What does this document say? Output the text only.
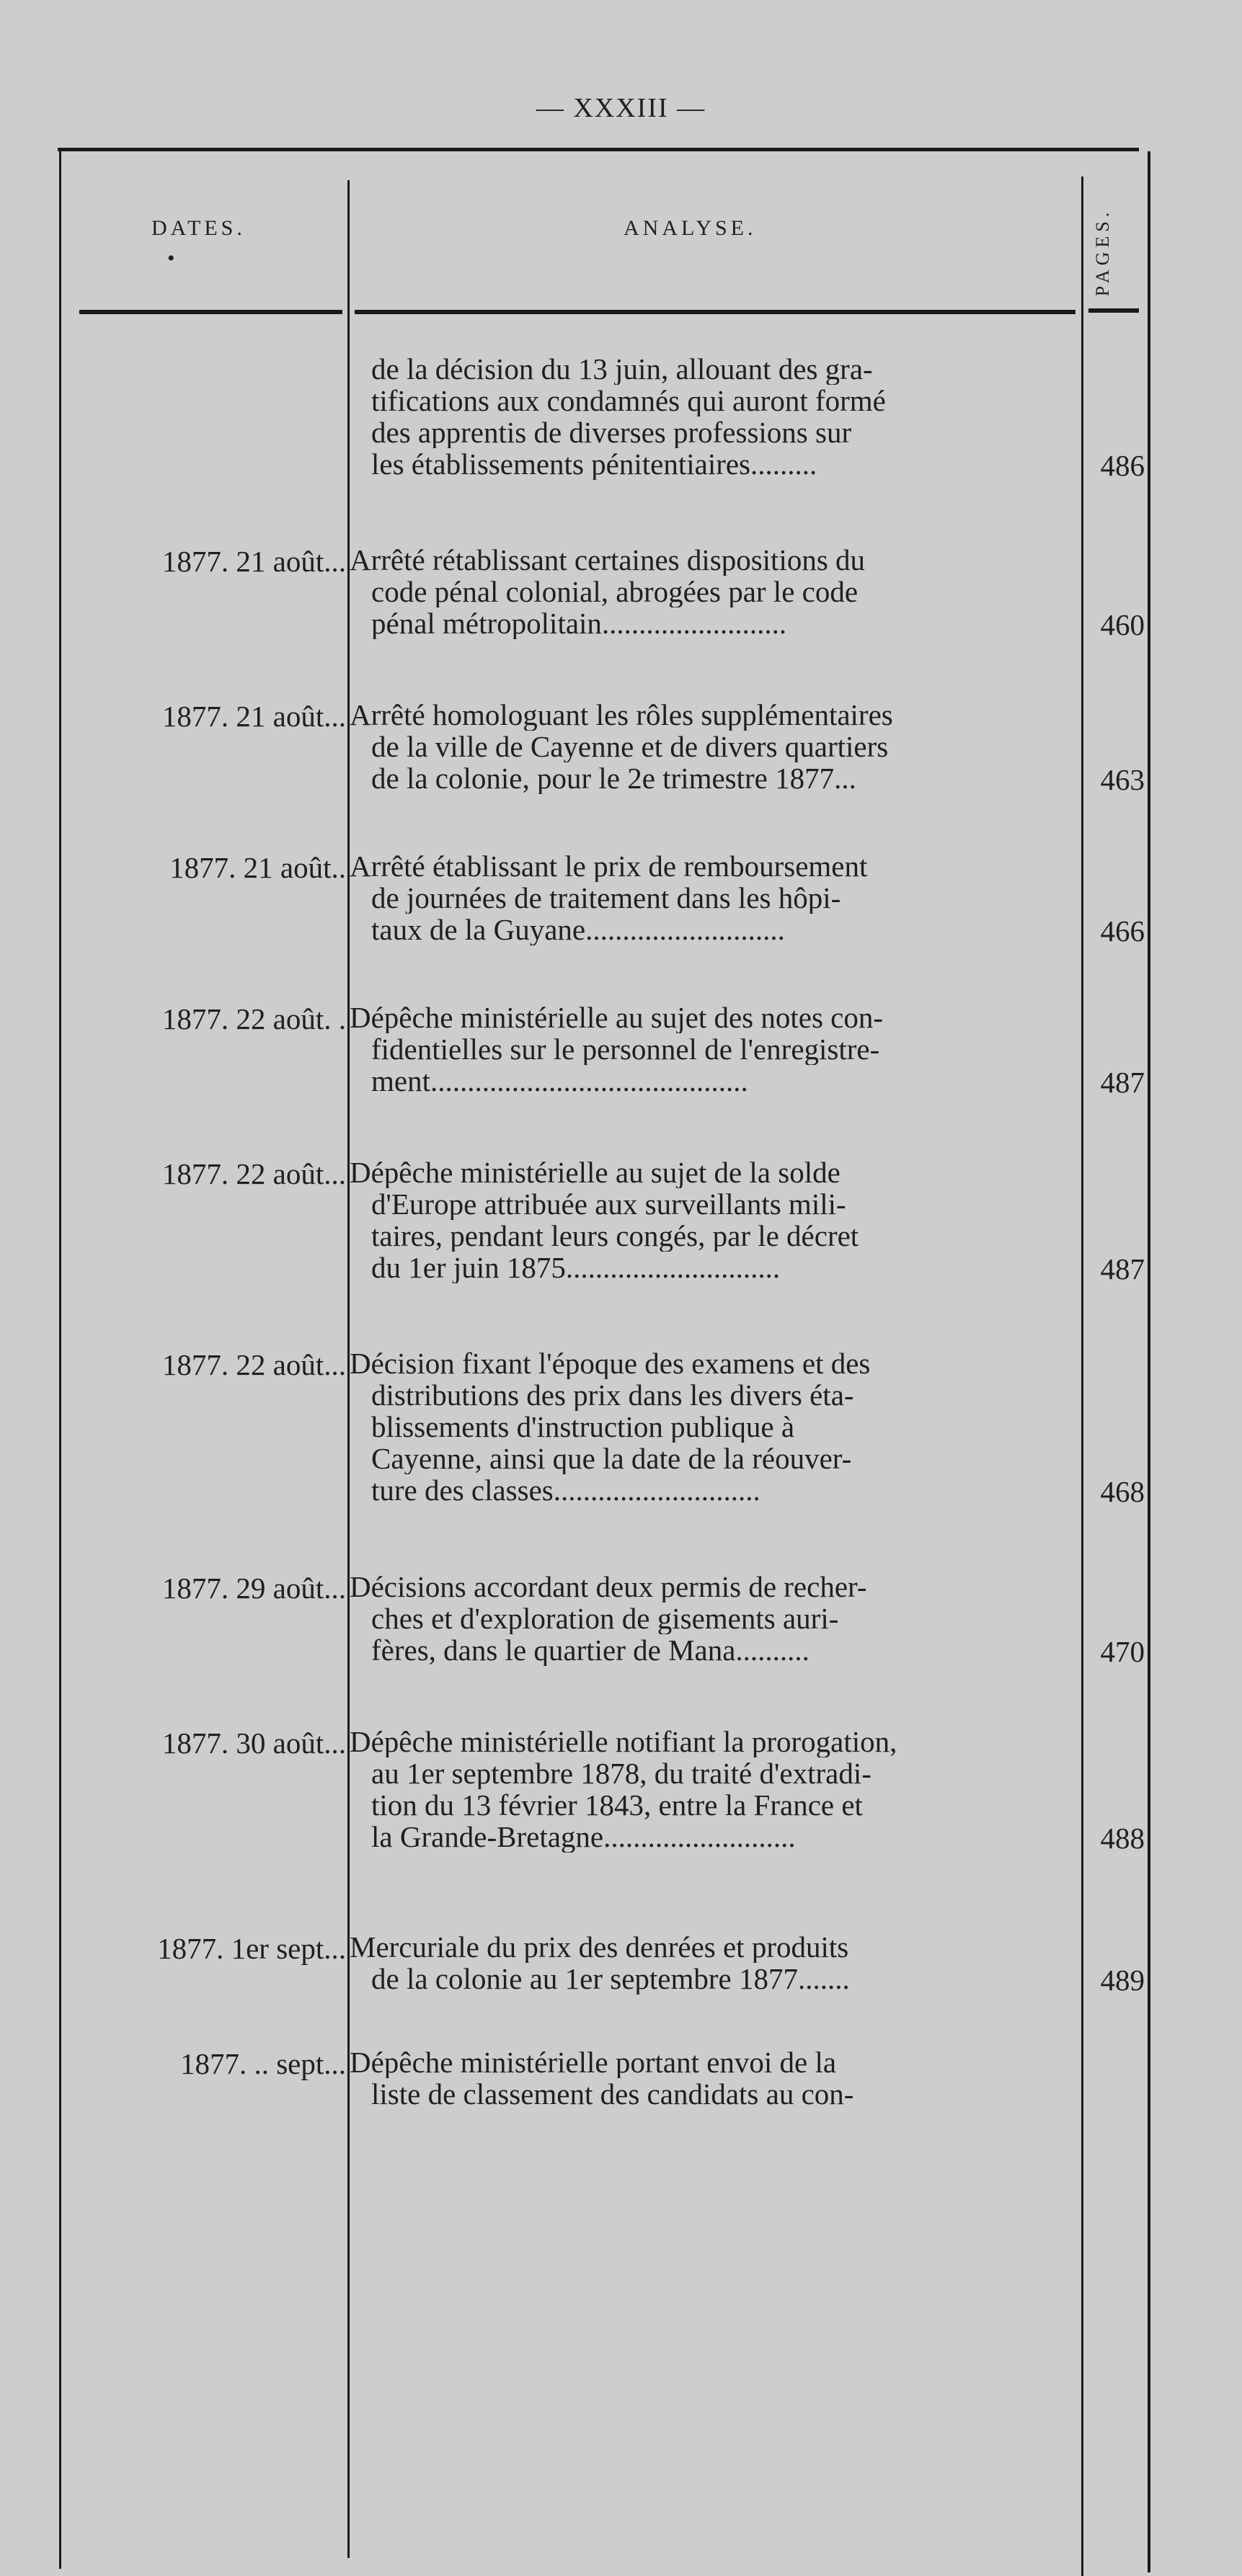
— XXXIII —
DATES.
•
ANALYSE.	PAGES.
de la décision du 13 juin, allouant des gra-
tifications aux condamnés qui auront formé
des apprentis de diverses professions sur
les établissements pénitentiaires.........	486
1877. 21 août... Arrêté rétablissant certaines dispositions du
code pénal colonial, abrogées par le code
pénal métropolitain.........................	460
1877. 21 août... Arrêté homologuant les rôles supplémentaires
de la ville de Cayenne et de divers quartiers
de la colonie, pour le 2e trimestre 1877...	463
1877. 21 août.. Arrêté établissant le prix de remboursement
de journées de traitement dans les hôpi-
taux de la Guyane...........................	466
1877. 22 août. . Dépêche ministérielle au sujet des notes con-
fidentielles sur le personnel de l'enregistre-
ment...........................................	487
1877. 22 août... Dépêche ministérielle au sujet de la solde
d'Europe attribuée aux surveillants mili-
taires, pendant leurs congés, par le décret
du 1er juin 1875.............................	487
1877. 22 août... Décision fixant l'époque des examens et des
distributions des prix dans les divers éta-
blissements d'instruction publique à
Cayenne, ainsi que la date de la réouver-
ture des classes............................	468
1877. 29 août... Décisions accordant deux permis de recher-
ches et d'exploration de gisements auri-
fères, dans le quartier de Mana..........	470
1877. 30 août... Dépêche ministérielle notifiant la prorogation,
au 1er septembre 1878, du traité d'extradi-
tion du 13 février 1843, entre la France et
la Grande-Bretagne..........................	488
1877. 1er sept... Mercuriale du prix des denrées et produits
de la colonie au 1er septembre 1877.......	489
1877. .. sept... Dépêche ministérielle portant envoi de la
liste de classement des candidats au con-
